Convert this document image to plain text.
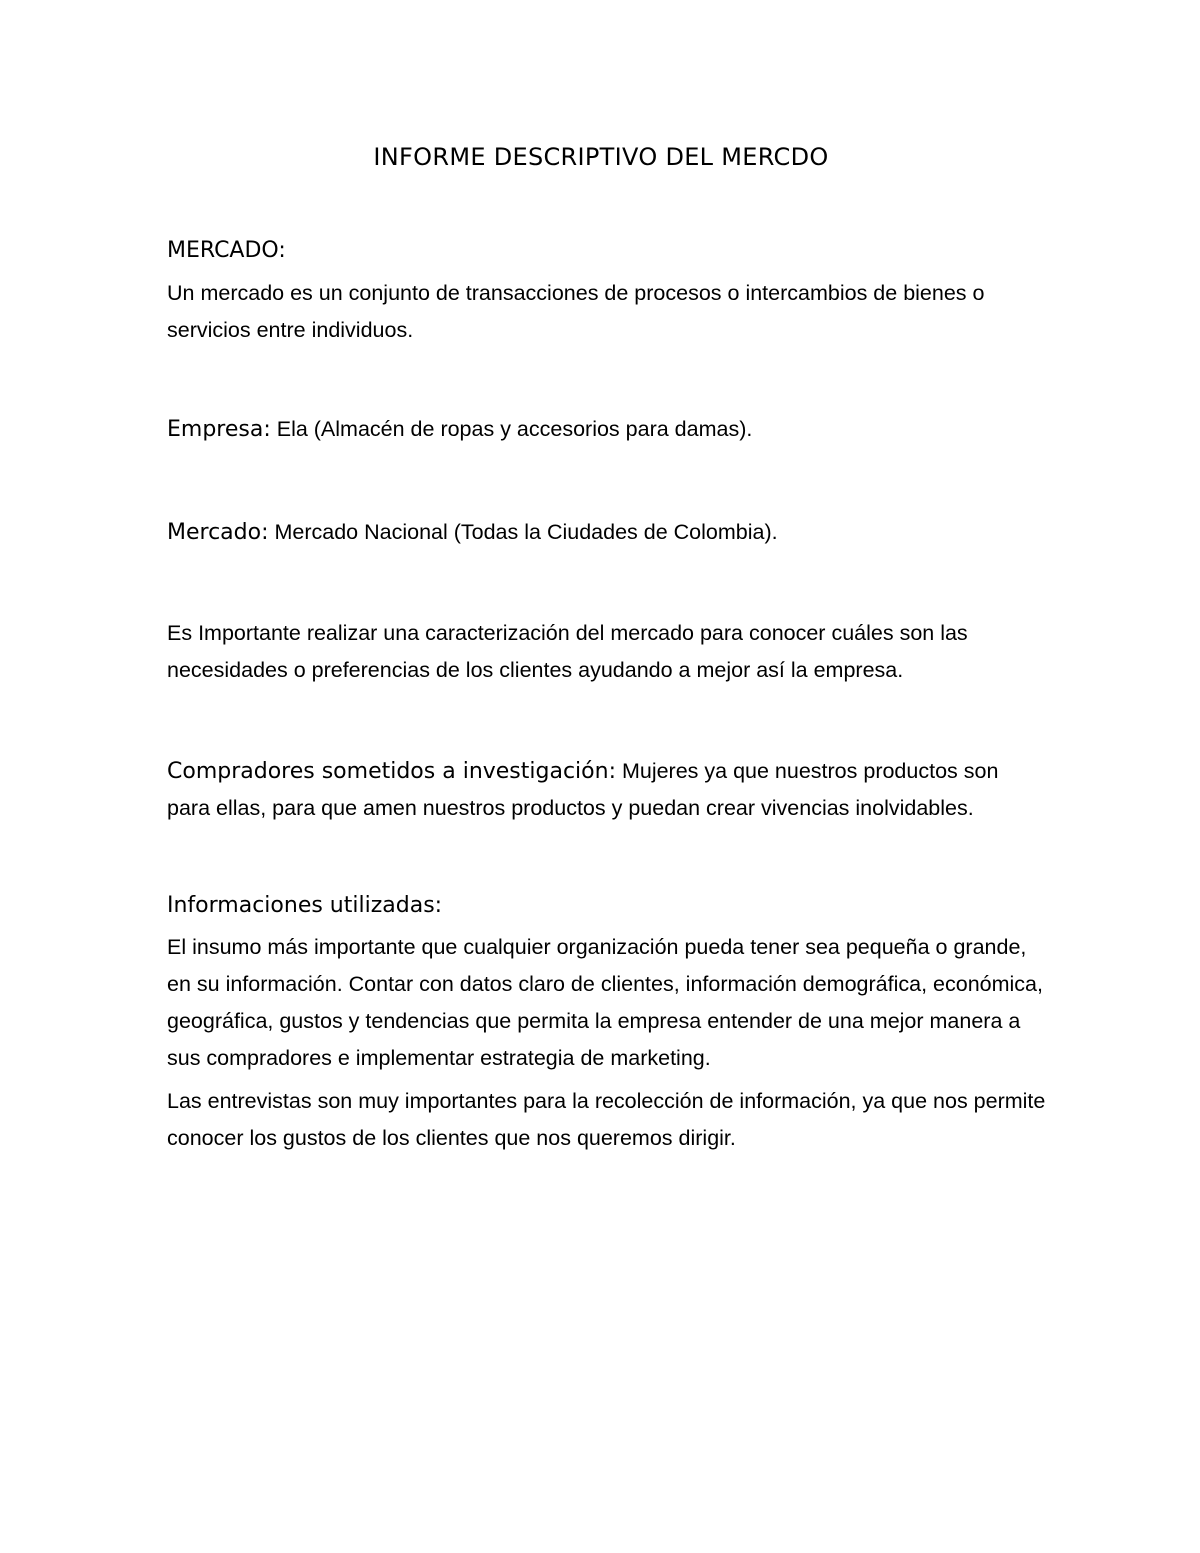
INFORME DESCRIPTIVO DEL MERCDO
MERCADO:

Un mercado es un conjunto de transacciones de procesos o intercambios de bienes o servicios entre individuos.

Empresa: Ela (Almacén de ropas y accesorios para damas).

Mercado: Mercado Nacional (Todas la Ciudades de Colombia).

Es Importante realizar una caracterización del mercado para conocer cuáles son las necesidades o preferencias de los clientes ayudando a mejor así la empresa.

Compradores sometidos a investigación: Mujeres ya que nuestros productos son para ellas, para que amen nuestros productos y puedan crear vivencias inolvidables.

Informaciones utilizadas:

El insumo más importante que cualquier organización pueda tener sea pequeña o grande, en su información. Contar con datos claro de clientes, información demográfica, económica, geográfica, gustos y tendencias que permita la empresa entender de una mejor manera a sus compradores e implementar estrategia de marketing.

Las entrevistas son muy importantes para la recolección de información, ya que nos permite conocer los gustos de los clientes que nos queremos dirigir.
